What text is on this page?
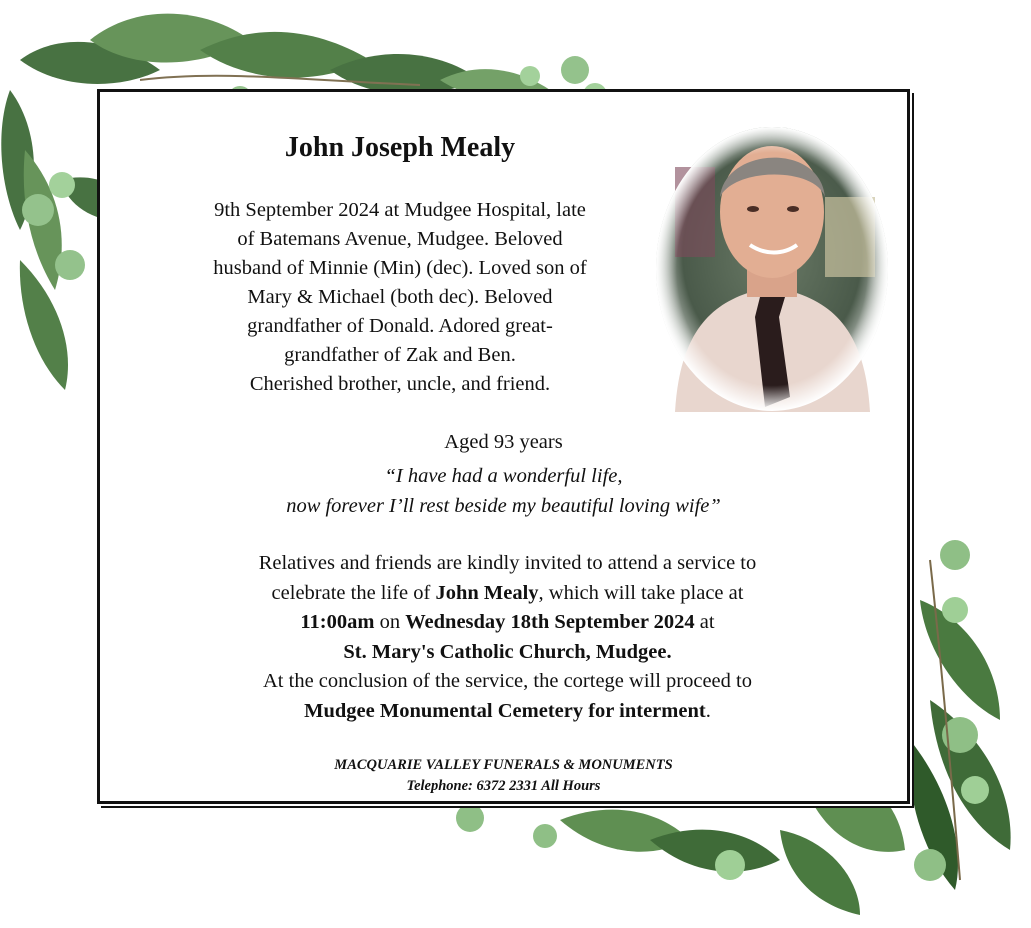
John Joseph Mealy
9th September 2024 at Mudgee Hospital, late
of Batemans Avenue, Mudgee. Beloved
husband of Minnie (Min) (dec). Loved son of
Mary & Michael (both dec). Beloved
grandfather of Donald. Adored great-
grandfather of Zak and Ben.
Cherished brother, uncle, and friend.
Aged 93 years
“I have had a wonderful life,
now forever I’ll rest beside my beautiful loving wife”
Relatives and friends are kindly invited to attend a service to
celebrate the life of John Mealy, which will take place at
11:00am on Wednesday 18th September 2024 at
St. Mary's Catholic Church, Mudgee.
At the conclusion of the service, the cortege will proceed to
Mudgee Monumental Cemetery for interment.
MACQUARIE VALLEY FUNERALS & MONUMENTS
Telephone: 6372 2331 All Hours
